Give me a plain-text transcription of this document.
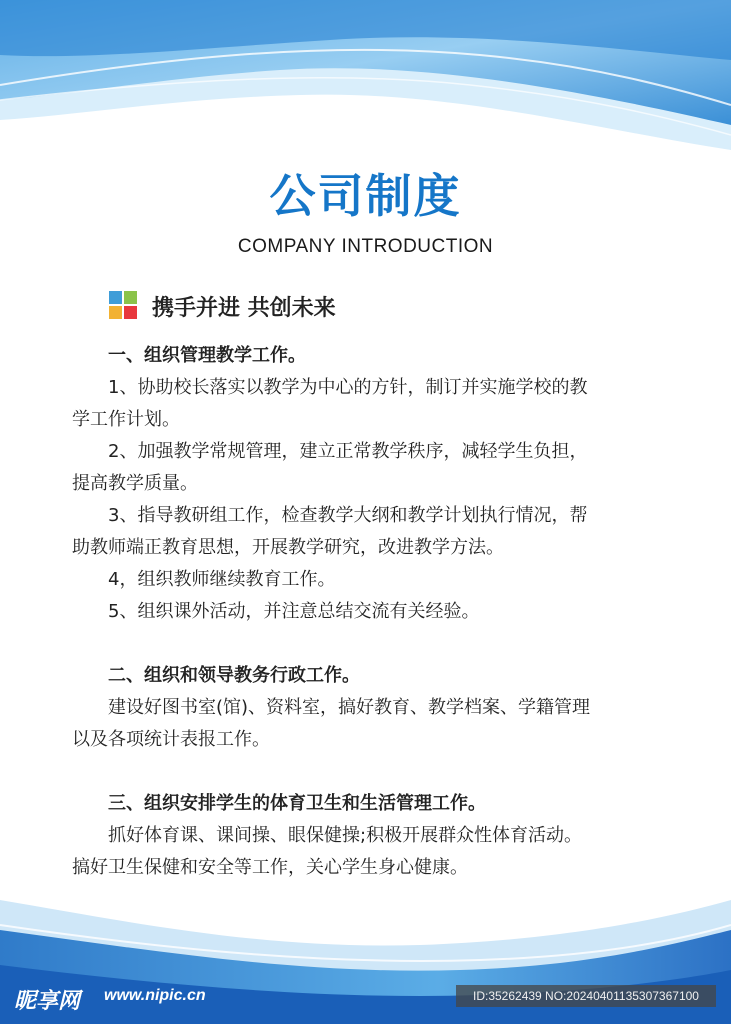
公司制度
COMPANY INTRODUCTION
携手并进 共创未来
一、组织管理教学工作。
1、协助校长落实以教学为中心的方针，制订并实施学校的教
学工作计划。
2、加强教学常规管理，建立正常教学秩序，减轻学生负担，
提高教学质量。
3、指导教研组工作，检查教学大纲和教学计划执行情况，帮
助教师端正教育思想，开展教学研究，改进教学方法。
4，组织教师继续教育工作。
5、组织课外活动，并注意总结交流有关经验。
二、组织和领导教务行政工作。
建设好图书室(馆)、资料室，搞好教育、教学档案、学籍管理
以及各项统计表报工作。
三、组织安排学生的体育卫生和生活管理工作。
抓好体育课、课间操、眼保健操;积极开展群众性体育活动。
搞好卫生保健和安全等工作，关心学生身心健康。
昵享网 www.nipic.cn	ID:35262439 NO:20240401135307367100
